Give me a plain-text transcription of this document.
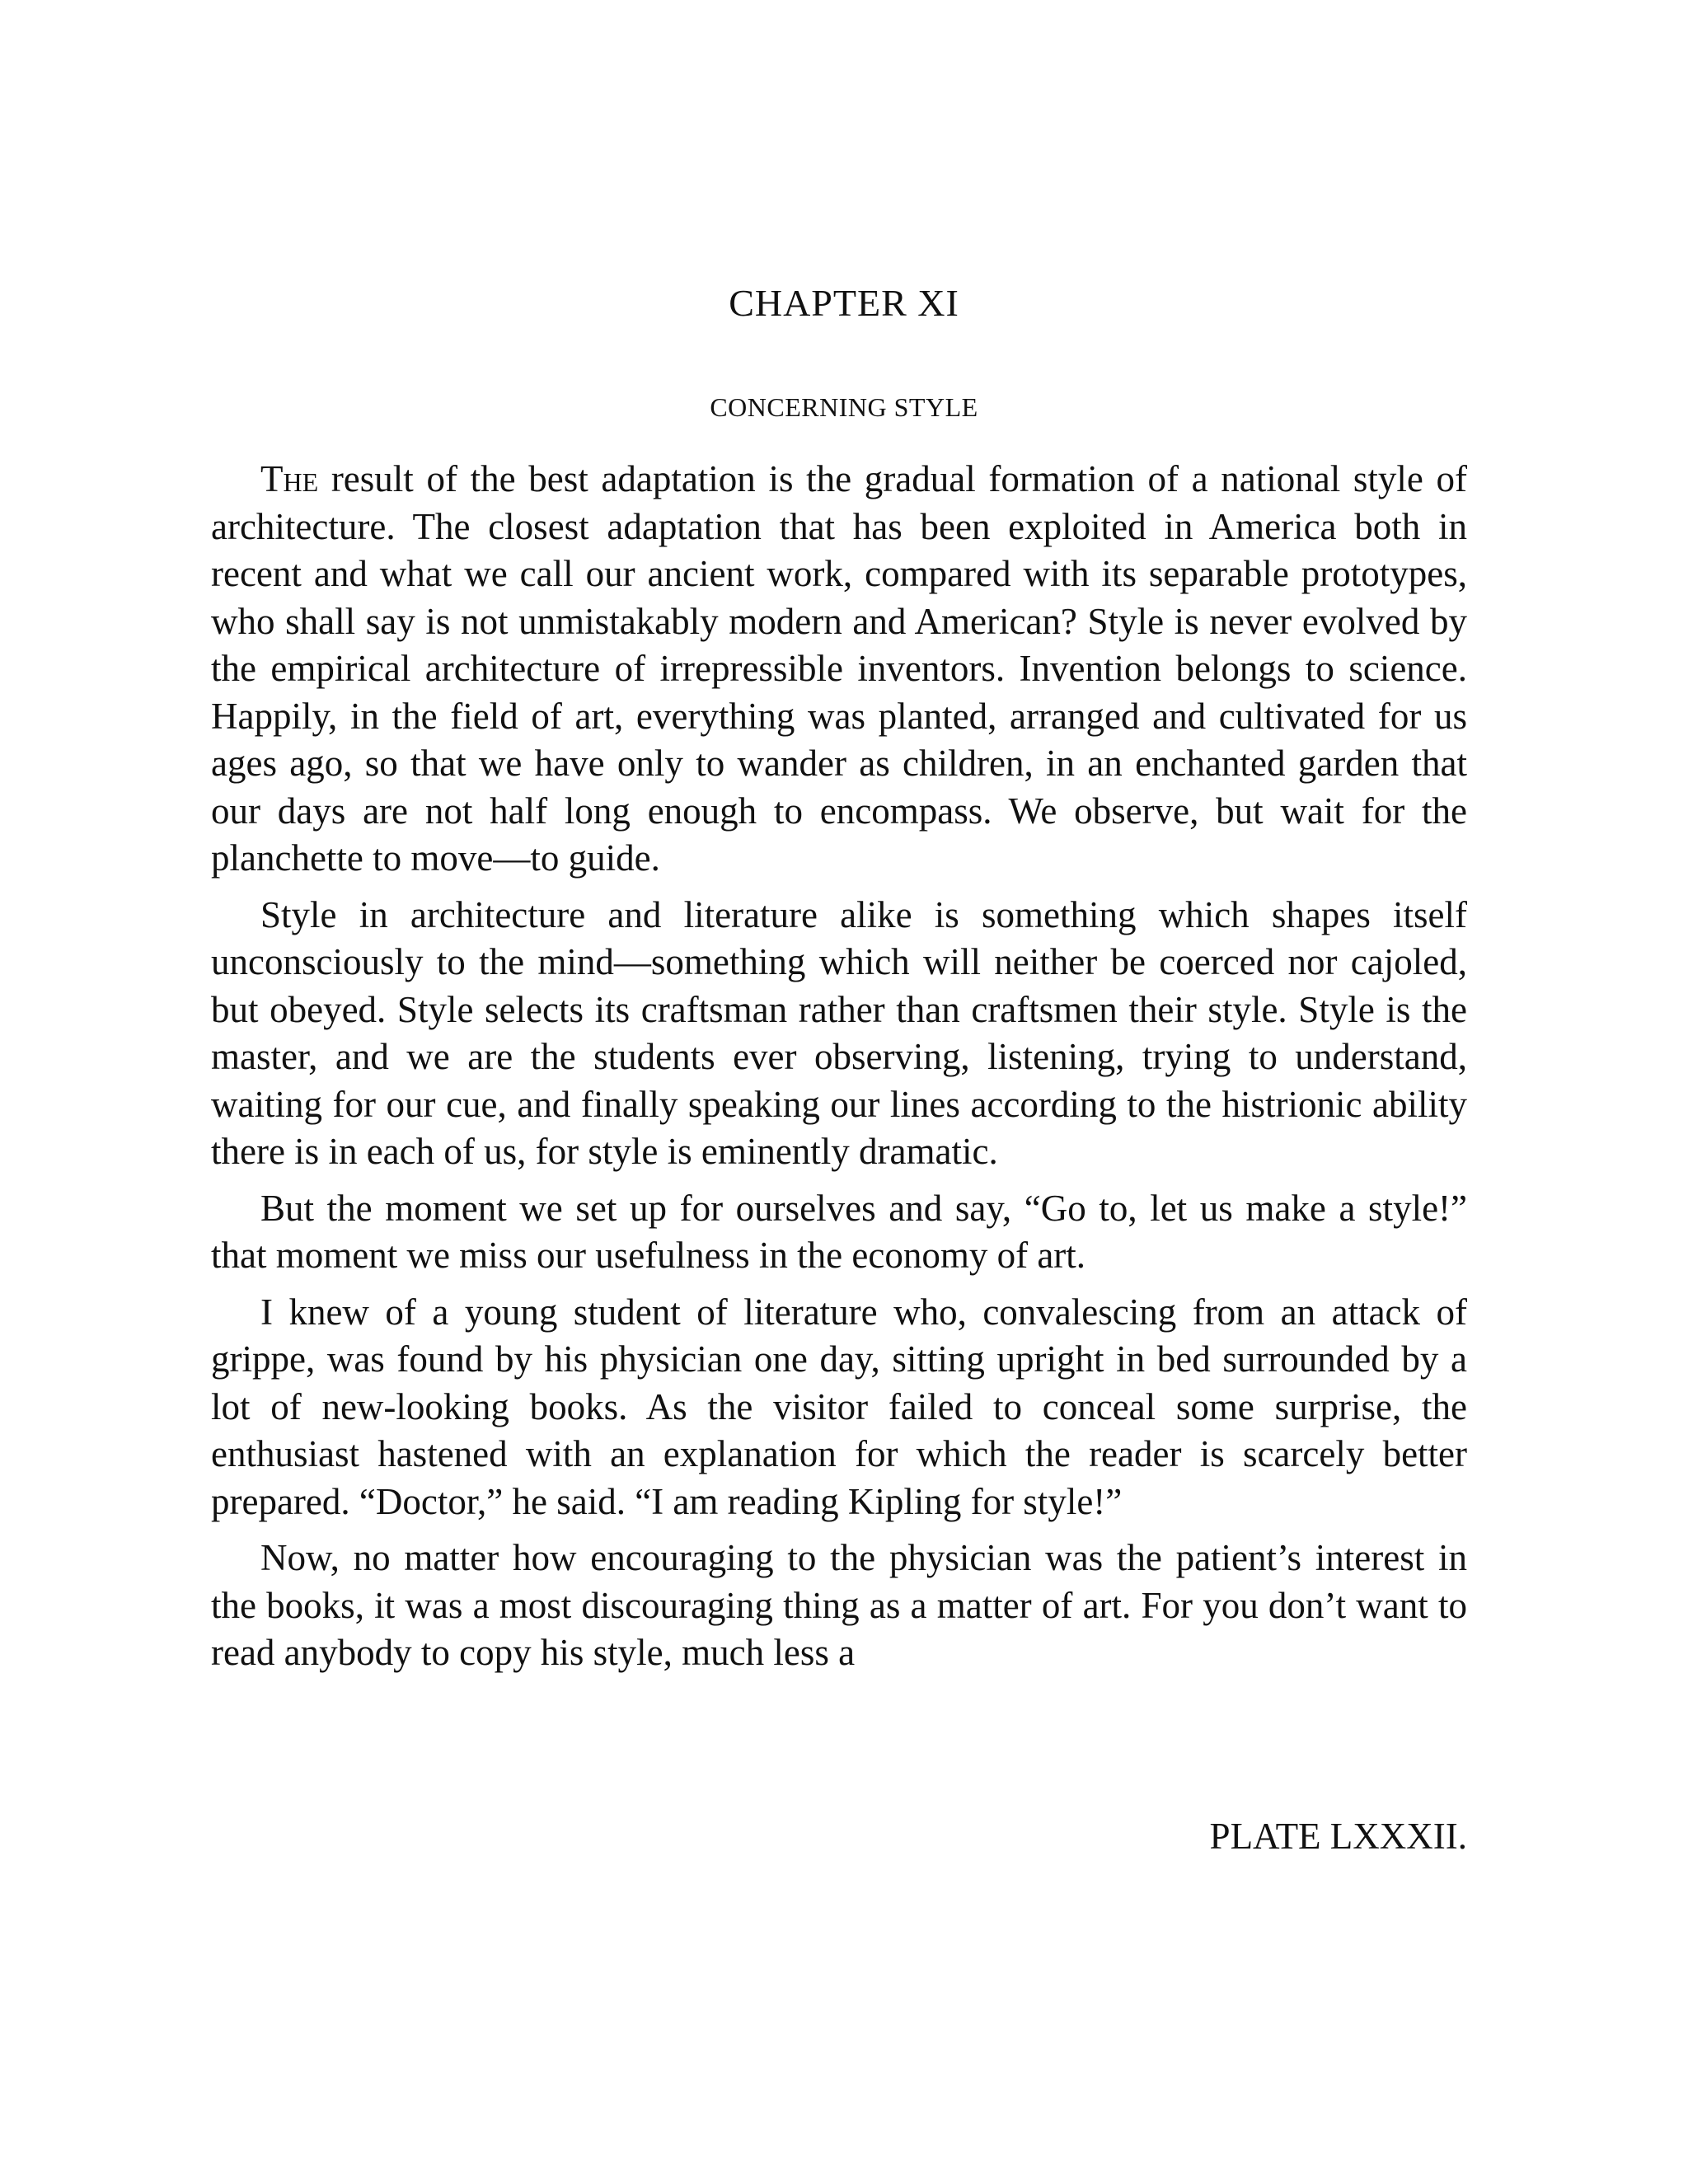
CHAPTER XI
CONCERNING STYLE

The result of the best adaptation is the gradual formation of a national style of architecture. The closest adaptation that has been exploited in America both in recent and what we call our ancient work, compared with its separable prototypes, who shall say is not unmistakably modern and American? Style is never evolved by the empirical architecture of irrepressible inventors. Invention belongs to science. Happily, in the field of art, everything was planted, arranged and cultivated for us ages ago, so that we have only to wander as children, in an enchanted garden that our days are not half long enough to encompass. We observe, but wait for the planchette to move—to guide.

Style in architecture and literature alike is something which shapes itself unconsciously to the mind—something which will neither be coerced nor cajoled, but obeyed. Style selects its craftsman rather than craftsmen their style. Style is the master, and we are the students ever observing, listening, trying to understand, waiting for our cue, and finally speaking our lines according to the histrionic ability there is in each of us, for style is eminently dramatic.

But the moment we set up for ourselves and say, “Go to, let us make a style!” that moment we miss our usefulness in the economy of art.

I knew of a young student of literature who, convalescing from an attack of grippe, was found by his physician one day, sitting upright in bed surrounded by a lot of new-looking books. As the visitor failed to conceal some surprise, the enthusiast hastened with an explanation for which the reader is scarcely better prepared. “Doctor,” he said. “I am reading Kipling for style!”

Now, no matter how encouraging to the physician was the patient’s interest in the books, it was a most discouraging thing as a matter of art. For you don’t want to read anybody to copy his style, much less a

PLATE LXXXII.
